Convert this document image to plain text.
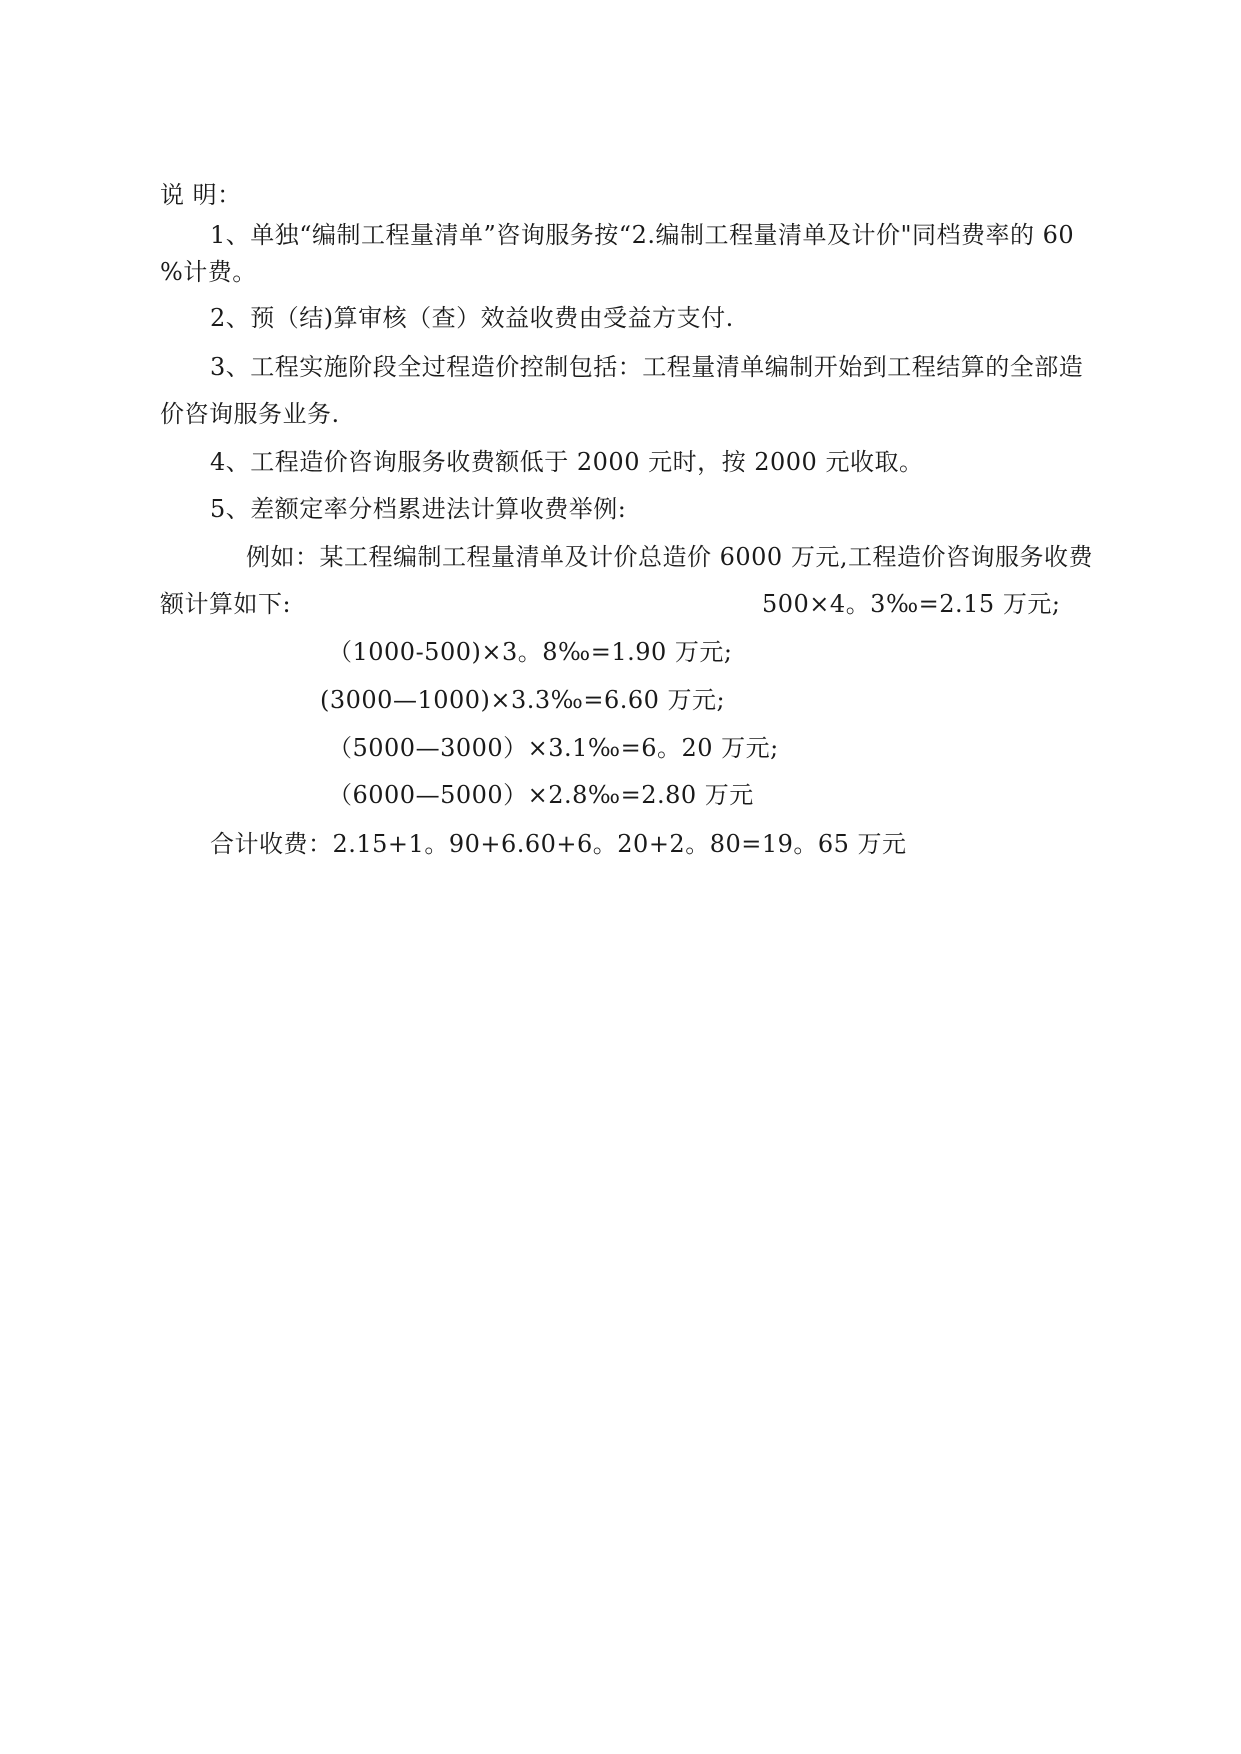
说 明：
1、单独“编制工程量清单”咨询服务按“2.编制工程量清单及计价"同档费率的 60
%计费。
2、预（结)算审核（查）效益收费由受益方支付.
3、工程实施阶段全过程造价控制包括：工程量清单编制开始到工程结算的全部造
价咨询服务业务.
4、工程造价咨询服务收费额低于 2000 元时，按 2000 元收取。
5、差额定率分档累进法计算收费举例:
例如：某工程编制工程量清单及计价总造价 6000 万元,工程造价咨询服务收费
额计算如下:	500×4。3‰=2.15 万元;
（1000-500)×3。8‰=1.90 万元;
(3000—1000)×3.3‰=6.60 万元;
（5000—3000）×3.1‰=6。20 万元;
（6000—5000）×2.8‰=2.80 万元
合计收费：2.15+1。90+6.60+6。20+2。80=19。65 万元
